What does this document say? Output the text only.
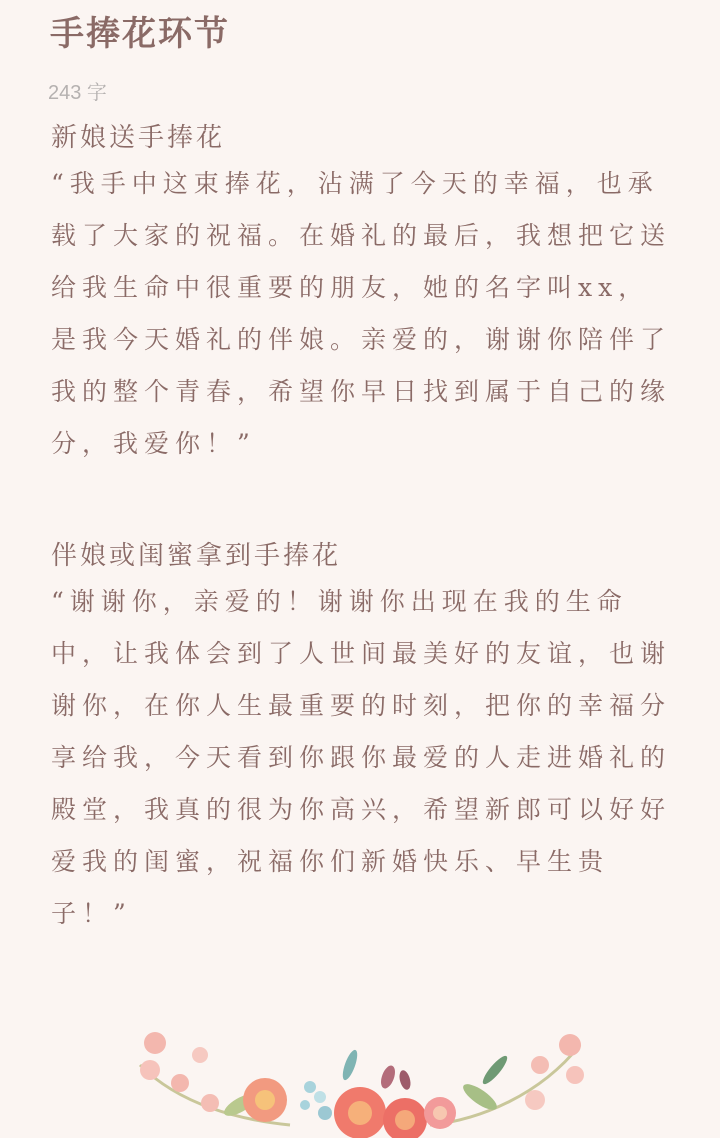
手捧花环节
243 字
新娘送手捧花
“我手中这束捧花，沾满了今天的幸福，也承载了大家的祝福。在婚礼的最后，我想把它送给我生命中很重要的朋友，她的名字叫xx，是我今天婚礼的伴娘。亲爱的，谢谢你陪伴了我的整个青春，希望你早日找到属于自己的缘分，我爱你！”
伴娘或闺蜜拿到手捧花
“谢谢你，亲爱的！谢谢你出现在我的生命中，让我体会到了人世间最美好的友谊，也谢谢你，在你人生最重要的时刻，把你的幸福分享给我，今天看到你跟你最爱的人走进婚礼的殿堂，我真的很为你高兴，希望新郎可以好好爱我的闺蜜，祝福你们新婚快乐、早生贵子！”
